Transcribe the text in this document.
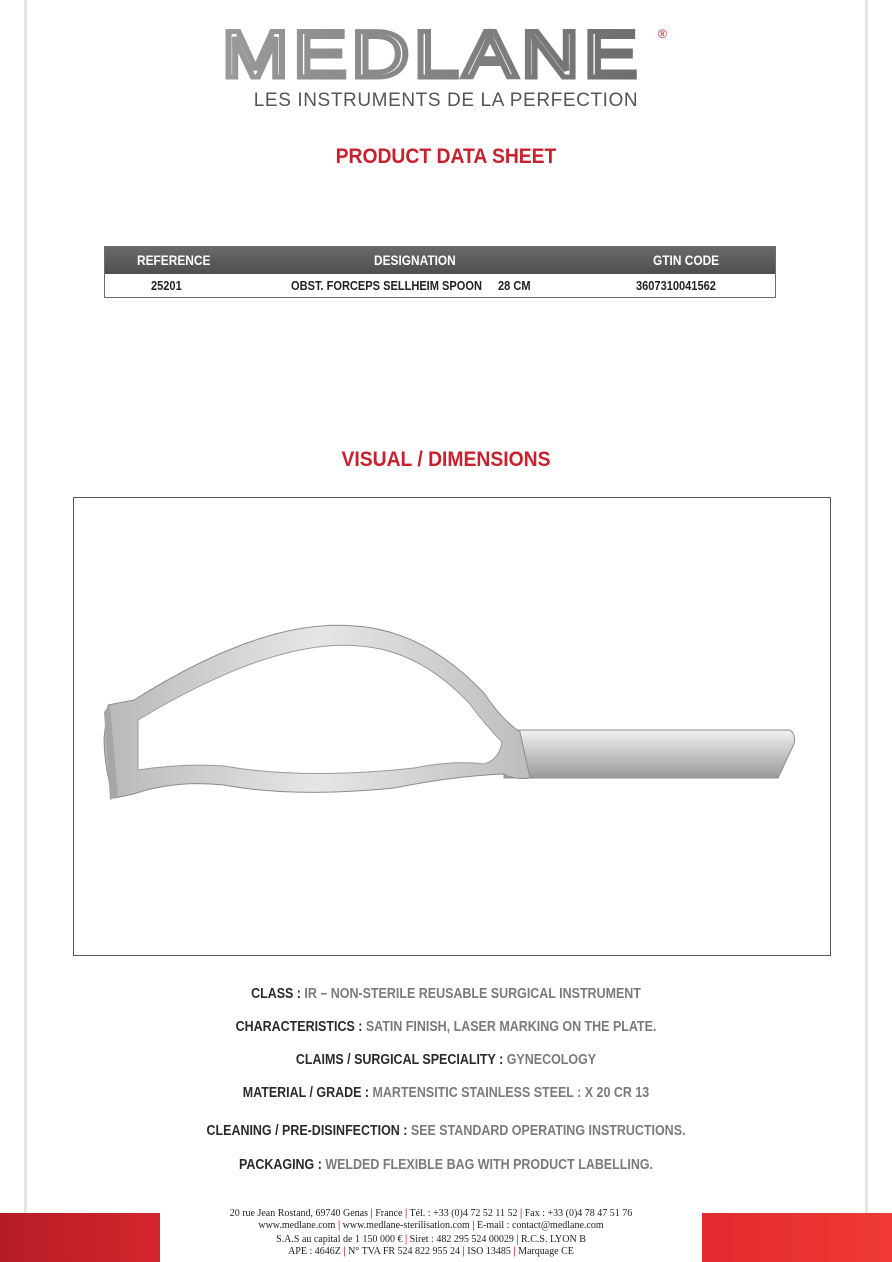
MEDLANE ®
LES INSTRUMENTS DE LA PERFECTION
PRODUCT DATA SHEET
REFERENCE	DESIGNATION	GTIN CODE
25201	OBST. FORCEPS SELLHEIM SPOON 28 CM	3607310041562
VISUAL / DIMENSIONS
CLASS : IR – NON-STERILE REUSABLE SURGICAL INSTRUMENT
CHARACTERISTICS : SATIN FINISH, LASER MARKING ON THE PLATE.
CLAIMS / SURGICAL SPECIALITY : GYNECOLOGY
MATERIAL / GRADE : MARTENSITIC STAINLESS STEEL : X 20 CR 13
CLEANING / PRE-DISINFECTION : SEE STANDARD OPERATING INSTRUCTIONS.
PACKAGING : WELDED FLEXIBLE BAG WITH PRODUCT LABELLING.
20 rue Jean Rostand, 69740 Genas | France | Tél. : +33 (0)4 72 52 11 52 | Fax : +33 (0)4 78 47 51 76
www.medlane.com | www.medlane-sterilisation.com | E-mail : contact@medlane.com
S.A.S au capital de 1 150 000 € | Siret : 482 295 524 00029 | R.C.S. LYON B
APE : 4646Z | N° TVA FR 524 822 955 24 | ISO 13485 | Marquage CE
